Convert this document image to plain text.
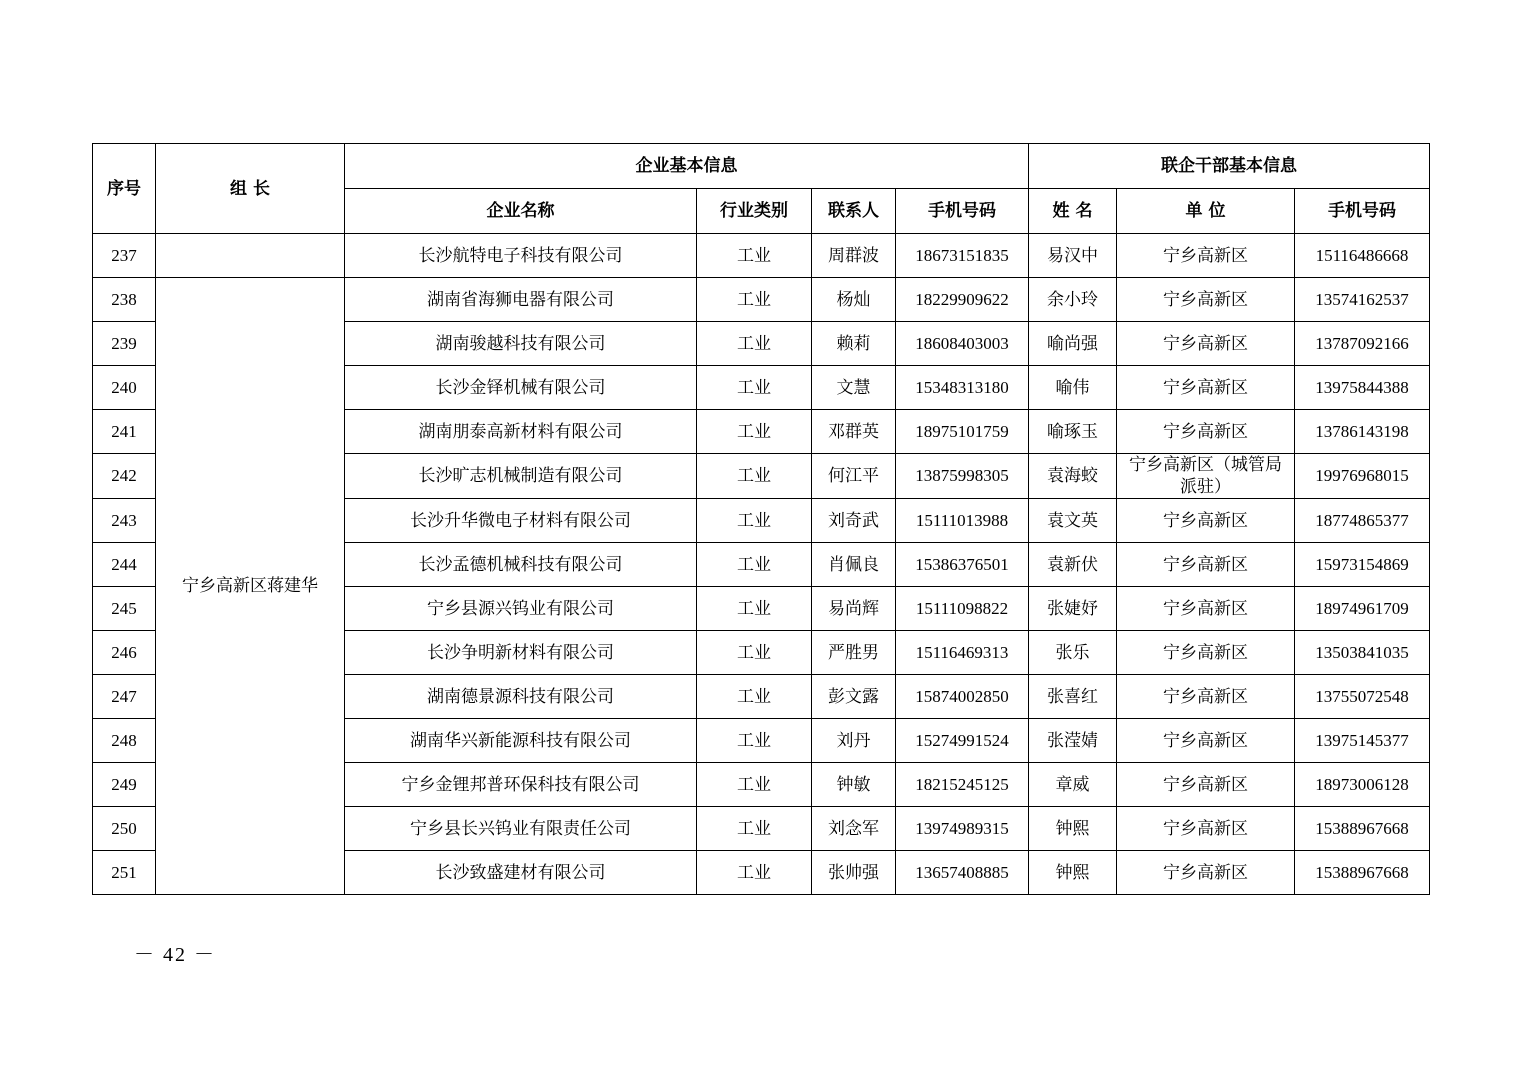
序号	组 长	企业基本信息				联企干部基本信息		
		企业名称	行业类别	联系人	手机号码	姓 名	单 位	手机号码
237		长沙航特电子科技有限公司	工业	周群波	18673151835	易汉中	宁乡高新区	15116486668
238	宁乡高新区蒋建华	湖南省海狮电器有限公司	工业	杨灿	18229909622	余小玲	宁乡高新区	13574162537
239		湖南骏越科技有限公司	工业	赖莉	18608403003	喻尚强	宁乡高新区	13787092166
240		长沙金铎机械有限公司	工业	文慧	15348313180	喻伟	宁乡高新区	13975844388
241		湖南朋泰高新材料有限公司	工业	邓群英	18975101759	喻琢玉	宁乡高新区	13786143198
242		长沙旷志机械制造有限公司	工业	何江平	13875998305	袁海蛟	宁乡高新区（城管局派驻）	19976968015
243		长沙升华微电子材料有限公司	工业	刘奇武	15111013988	袁文英	宁乡高新区	18774865377
244		长沙孟德机械科技有限公司	工业	肖佩良	15386376501	袁新伏	宁乡高新区	15973154869
245		宁乡县源兴钨业有限公司	工业	易尚辉	15111098822	张婕妤	宁乡高新区	18974961709
246		长沙争明新材料有限公司	工业	严胜男	15116469313	张乐	宁乡高新区	13503841035
247		湖南德景源科技有限公司	工业	彭文露	15874002850	张喜红	宁乡高新区	13755072548
248		湖南华兴新能源科技有限公司	工业	刘丹	15274991524	张滢婧	宁乡高新区	13975145377
249		宁乡金锂邦普环保科技有限公司	工业	钟敏	18215245125	章威	宁乡高新区	18973006128
250		宁乡县长兴钨业有限责任公司	工业	刘念军	13974989315	钟熙	宁乡高新区	15388967668
251		长沙致盛建材有限公司	工业	张帅强	13657408885	钟熙	宁乡高新区	15388967668
－ 42 －
